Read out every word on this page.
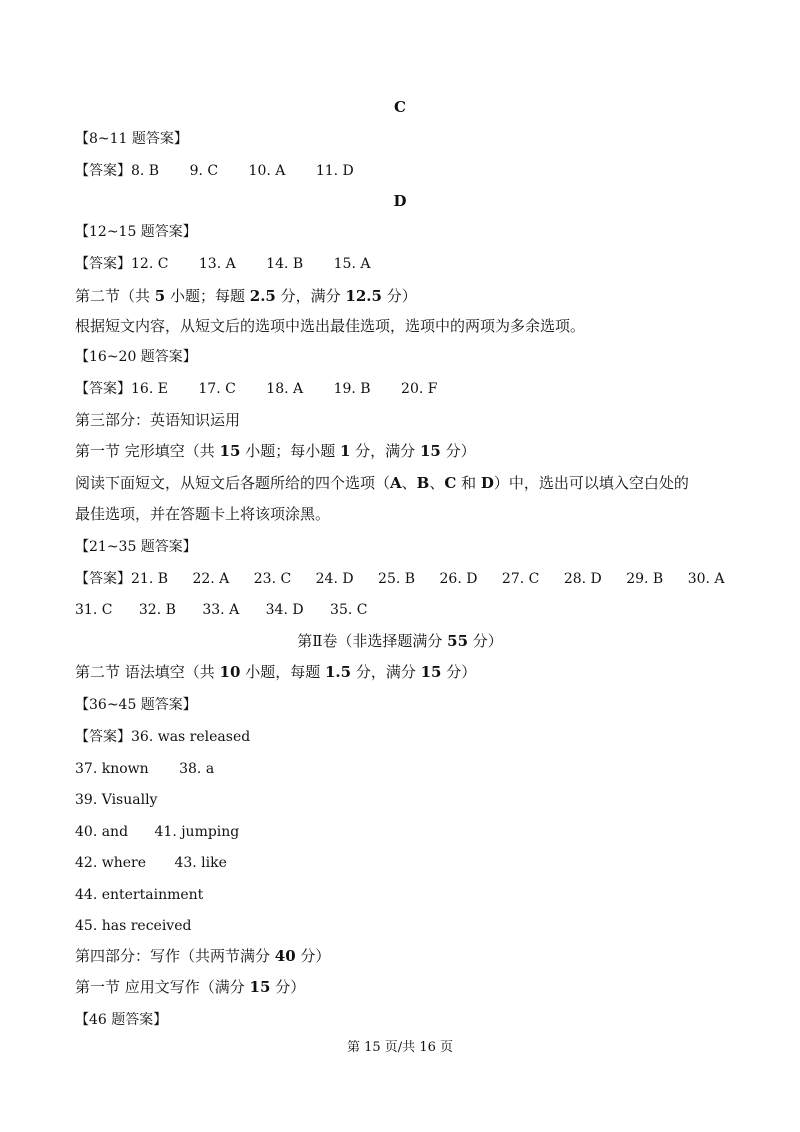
C
【8~11 题答案】
【答案】8. B 9. C 10. A 11. D
D
【12~15 题答案】
【答案】12. C 13. A 14. B 15. A
第二节（共 5 小题；每题 2.5 分，满分 12.5 分）
根据短文内容，从短文后的选项中选出最佳选项，选项中的两项为多余选项。
【16~20 题答案】
【答案】16. E 17. C 18. A 19. B 20. F
第三部分：英语知识运用
第一节 完形填空（共 15 小题；每小题 1 分，满分 15 分）
阅读下面短文，从短文后各题所给的四个选项（A、B、C 和 D）中，选出可以填入空白处的
最佳选项，并在答题卡上将该项涂黑。
【21~35 题答案】
【答案】21. B 22. A 23. C 24. D 25. B 26. D 27. C 28. D 29. B 30. A
31. C 32. B 33. A 34. D 35. C
第Ⅱ卷（非选择题满分 55 分）
第二节 语法填空（共 10 小题，每题 1.5 分，满分 15 分）
【36~45 题答案】
【答案】36. was released
37. known 38. a
39. Visually
40. and 41. jumping
42. where 43. like
44. entertainment
45. has received
第四部分：写作（共两节满分 40 分）
第一节 应用文写作（满分 15 分）
【46 题答案】
第 15 页/共 16 页
